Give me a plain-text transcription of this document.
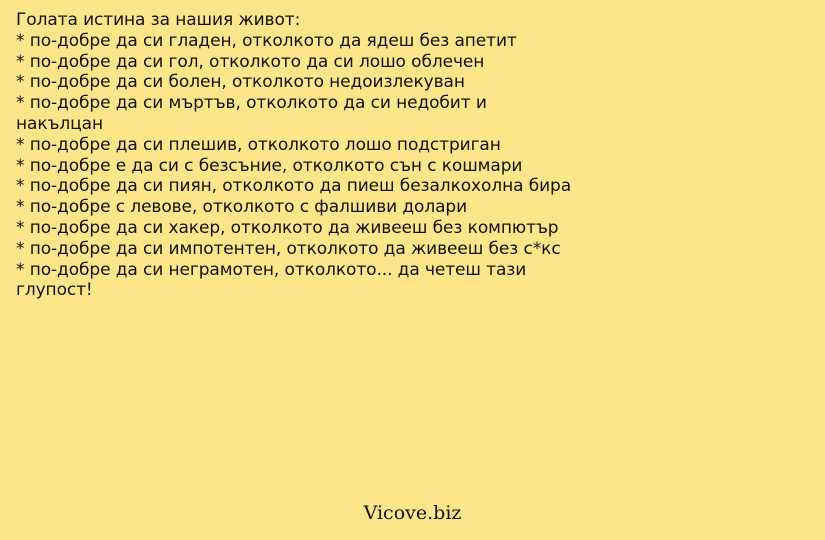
Голата истина за нашия живот:
* по-добре да си гладен, отколкото да ядеш без апетит
* по-добре да си гол, отколкото да си лошо облечен
* по-добре да си болен, отколкото недоизлекуван
* по-добре да си мъртъв, отколкото да си недобит и накълцан
* по-добре да си плешив, отколкото лошо подстриган
* по-добре е да си с безсъние, отколкото сън с кошмари
* по-добре да си пиян, отколкото да пиеш безалкохолна бира
* по-добре с левове, отколкото с фалшиви долари
* по-добре да си хакер, отколкото да живееш без компютър
* по-добре да си импотентен, отколкото да живееш без с*кс
* по-добре да си неграмотен, отколкото... да четеш тази глупост!
Vicove.biz
